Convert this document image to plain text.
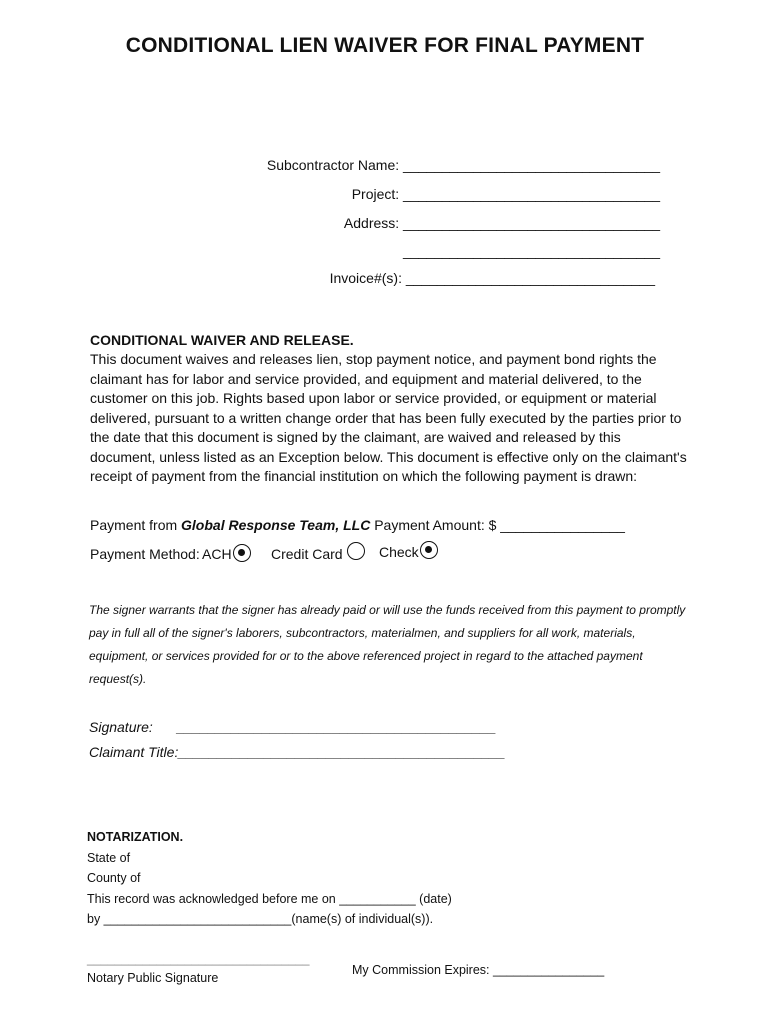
CONDITIONAL LIEN WAIVER FOR FINAL PAYMENT
Subcontractor Name: _________________________________
Project: _________________________________
Address: _________________________________
_________________________________
Invoice#(s): ________________________________
CONDITIONAL WAIVER AND RELEASE.
This document waives and releases lien, stop payment notice, and payment bond rights the claimant has for labor and service provided, and equipment and material delivered, to the customer on this job. Rights based upon labor or service provided, or equipment or material delivered, pursuant to a written change order that has been fully executed by the parties prior to the date that this document is signed by the claimant, are waived and released by this document, unless listed as an Exception below. This document is effective only on the claimant's receipt of payment from the financial institution on which the following payment is drawn:
Payment from Global Response Team, LLC Payment Amount: $ ________________
Payment Method: ACH	Credit Card	Check
The signer warrants that the signer has already paid or will use the funds received from this payment to promptly pay in full all of the signer's laborers, subcontractors, materialmen, and suppliers for all work, materials, equipment, or services provided for or to the above referenced project in regard to the attached payment request(s).
Signature: _________________________________________
Claimant Title:__________________________________________
NOTARIZATION.
State of
County of
This record was acknowledged before me on ___________ (date)
by ___________________________(name(s) of individual(s)).
________________________________
Notary Public Signature
My Commission Expires: ________________
